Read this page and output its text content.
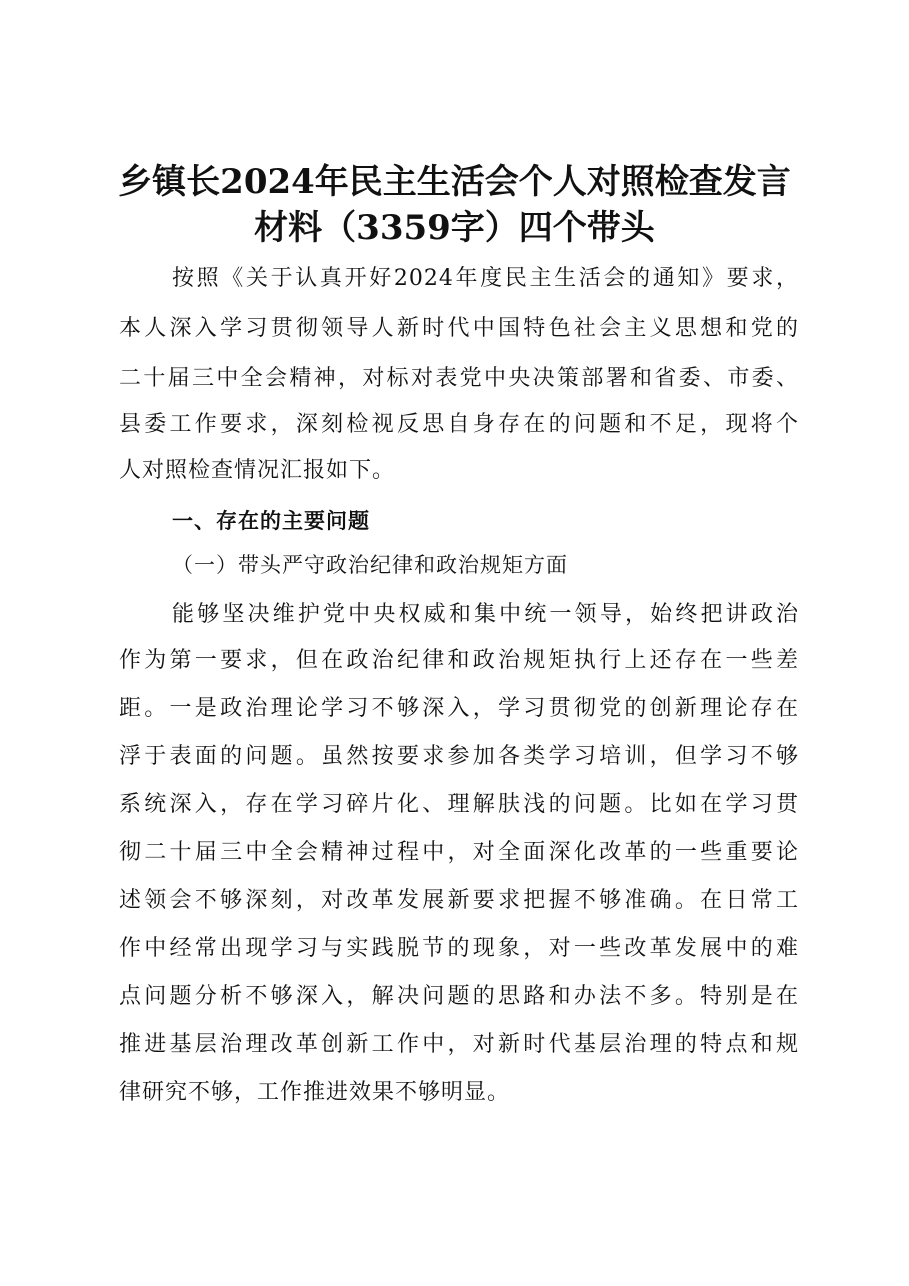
乡镇长2024年民主生活会个人对照检查发言
材料（3359字）四个带头
按照《关于认真开好2024年度民主生活会的通知》要求，
本人深入学习贯彻领导人新时代中国特色社会主义思想和党的
二十届三中全会精神，对标对表党中央决策部署和省委、市委、
县委工作要求，深刻检视反思自身存在的问题和不足，现将个
人对照检查情况汇报如下。
一、存在的主要问题
（一）带头严守政治纪律和政治规矩方面
能够坚决维护党中央权威和集中统一领导，始终把讲政治
作为第一要求，但在政治纪律和政治规矩执行上还存在一些差
距。一是政治理论学习不够深入，学习贯彻党的创新理论存在
浮于表面的问题。虽然按要求参加各类学习培训，但学习不够
系统深入，存在学习碎片化、理解肤浅的问题。比如在学习贯
彻二十届三中全会精神过程中，对全面深化改革的一些重要论
述领会不够深刻，对改革发展新要求把握不够准确。在日常工
作中经常出现学习与实践脱节的现象，对一些改革发展中的难
点问题分析不够深入，解决问题的思路和办法不多。特别是在
推进基层治理改革创新工作中，对新时代基层治理的特点和规
律研究不够，工作推进效果不够明显。
